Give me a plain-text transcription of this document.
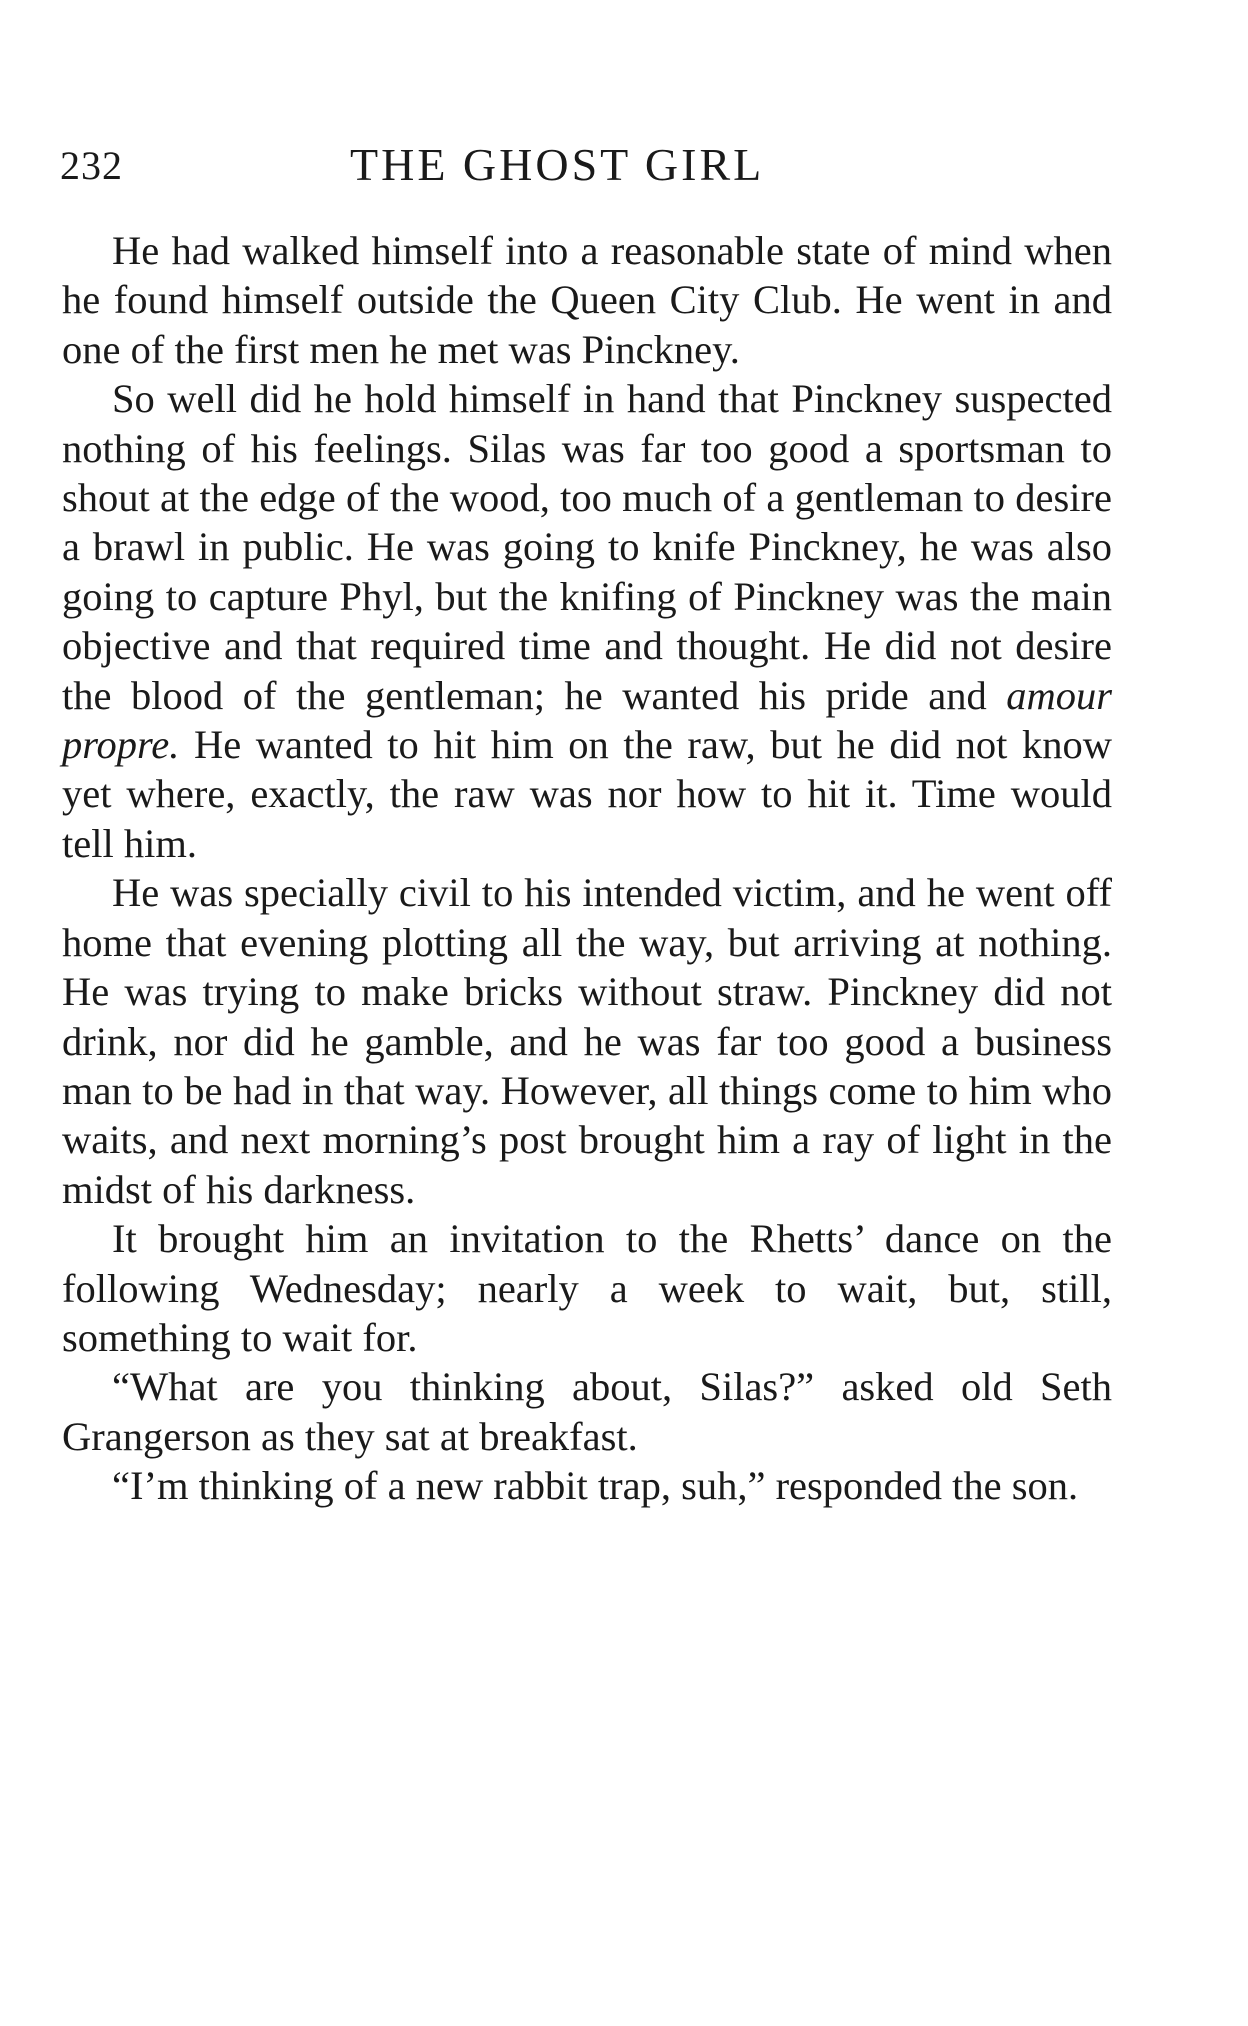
232	THE GHOST GIRL

He had walked himself into a reasonable state of mind when he found himself outside the Queen City Club. He went in and one of the first men he met was Pinckney.

So well did he hold himself in hand that Pinckney suspected nothing of his feelings. Silas was far too good a sportsman to shout at the edge of the wood, too much of a gentleman to desire a brawl in public. He was going to knife Pinckney, he was also going to capture Phyl, but the knifing of Pinckney was the main objective and that required time and thought. He did not desire the blood of the gentleman; he wanted his pride and amour propre. He wanted to hit him on the raw, but he did not know yet where, exactly, the raw was nor how to hit it. Time would tell him.

He was specially civil to his intended victim, and he went off home that evening plotting all the way, but arriving at nothing. He was trying to make bricks without straw. Pinckney did not drink, nor did he gamble, and he was far too good a business man to be had in that way. However, all things come to him who waits, and next morning’s post brought him a ray of light in the midst of his darkness.

It brought him an invitation to the Rhetts’ dance on the following Wednesday; nearly a week to wait, but, still, something to wait for.

“What are you thinking about, Silas?” asked old Seth Grangerson as they sat at breakfast.

“I’m thinking of a new rabbit trap, suh,” responded the son.
